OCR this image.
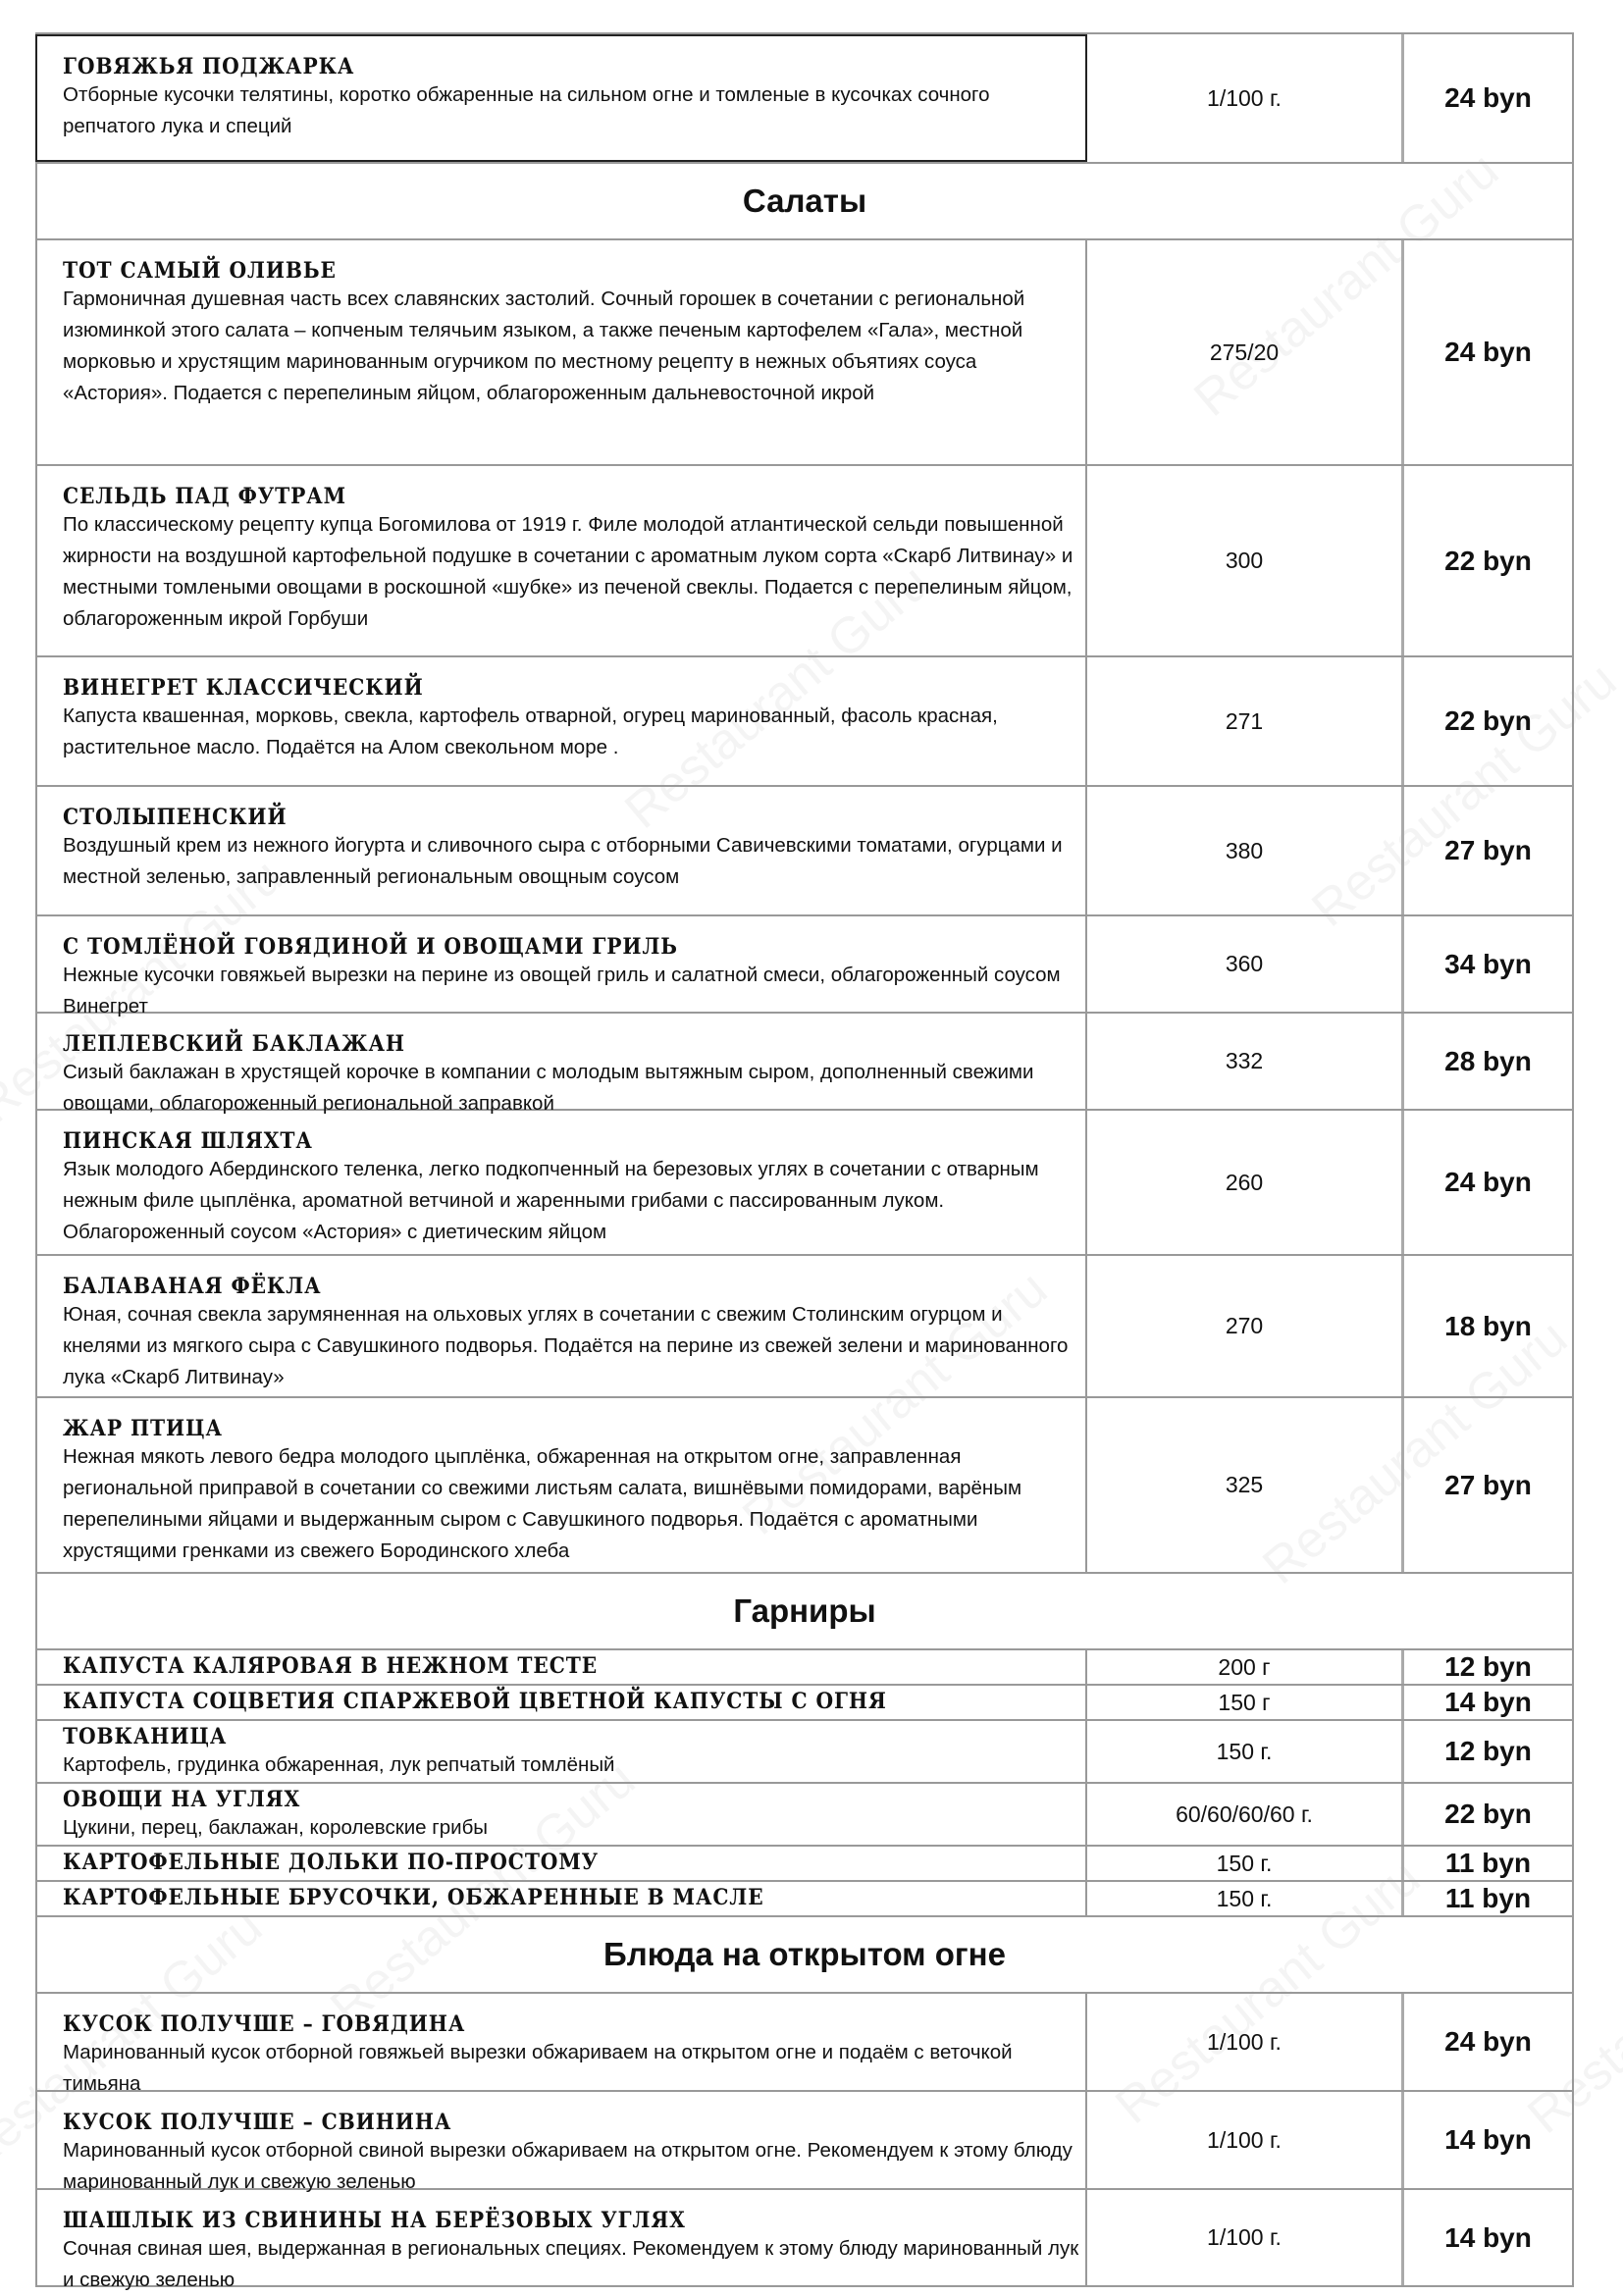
ГОВЯЖЬЯ ПОДЖАРКА
Отборные кусочки телятины, коротко обжаренные на сильном огне и томленые в кусочках сочного репчатого лука и специй
1/100 г.	24 byn
Салаты
ТОТ САМЫЙ ОЛИВЬЕ
Гармоничная душевная часть всех славянских застолий. Сочный горошек в сочетании с региональной изюминкой этого салата – копченым телячьим языком, а также печеным картофелем «Гала», местной морковью и хрустящим маринованным огурчиком по местному рецепту в нежных объятиях соуса «Астория». Подается с перепелиным яйцом, облагороженным дальневосточной икрой
275/20	24 byn
СЕЛЬДЬ ПАД ФУТРАМ
По классическому рецепту купца Богомилова от 1919 г. Филе молодой атлантической сельди повышенной жирности на воздушной картофельной подушке в сочетании с ароматным луком сорта «Скарб Литвинау» и местными томлеными овощами в роскошной «шубке» из печеной свеклы. Подается с перепелиным яйцом, облагороженным икрой Горбуши
300	22 byn
ВИНЕГРЕТ КЛАССИЧЕСКИЙ
Капуста квашенная, морковь, свекла, картофель отварной, огурец маринованный, фасоль красная, растительное масло. Подаётся на Алом свекольном море .
271	22 byn
СТОЛЫПЕНСКИЙ
Воздушный крем из нежного йогурта и сливочного сыра с отборными Савичевскими томатами, огурцами и местной зеленью, заправленный региональным овощным соусом
380	27 byn
С ТОМЛЁНОЙ ГОВЯДИНОЙ И ОВОЩАМИ ГРИЛЬ
Нежные кусочки говяжьей вырезки на перине из овощей гриль и салатной смеси, облагороженный соусом Винегрет
360	34 byn
ЛЕПЛЕВСКИЙ БАКЛАЖАН
Сизый баклажан в хрустящей корочке в компании с молодым вытяжным сыром, дополненный свежими овощами, облагороженный региональной заправкой
332	28 byn
ПИНСКАЯ ШЛЯХТА
Язык молодого Абердинского теленка, легко подкопченный на березовых углях в сочетании с отварным нежным филе цыплёнка, ароматной ветчиной и жаренными грибами с пассированным луком. Облагороженный соусом «Астория» с диетическим яйцом
260	24 byn
БАЛАВАНАЯ ФЁКЛА
Юная, сочная свекла зарумяненная на ольховых углях в сочетании с свежим Столинским огурцом и кнелями из мягкого сыра с Савушкиного подворья. Подаётся на перине из свежей зелени и маринованного лука «Скарб Литвинау»
270	18 byn
ЖАР ПТИЦА
Нежная мякоть левого бедра молодого цыплёнка, обжаренная на открытом огне, заправленная региональной приправой в сочетании со свежими листьям салата, вишнёвыми помидорами, варёным перепелиными яйцами и выдержанным сыром с Савушкиного подворья. Подаётся с ароматными хрустящими гренками из свежего Бородинского хлеба
325	27 byn
Гарниры
КАПУСТА КАЛЯРОВАЯ В НЕЖНОМ ТЕСТЕ	200 г	12 byn
КАПУСТА СОЦВЕТИЯ СПАРЖЕВОЙ ЦВЕТНОЙ КАПУСТЫ С ОГНЯ	150 г	14 byn
ТОВКАНИЦА
Картофель, грудинка обжаренная, лук репчатый томлёный
150 г.	12 byn
ОВОЩИ НА УГЛЯХ
Цукини, перец, баклажан, королевские грибы
60/60/60/60 г.	22 byn
КАРТОФЕЛЬНЫЕ ДОЛЬКИ ПО-ПРОСТОМУ	150 г.	11 byn
КАРТОФЕЛЬНЫЕ БРУСОЧКИ, ОБЖАРЕННЫЕ В МАСЛЕ	150 г.	11 byn
Блюда на открытом огне
КУСОК ПОЛУЧШЕ – ГОВЯДИНА
Маринованный кусок отборной говяжьей вырезки обжариваем на открытом огне и подаём с веточкой тимьяна
1/100 г.	24 byn
КУСОК ПОЛУЧШЕ – СВИНИНА
Маринованный кусок отборной свиной вырезки обжариваем на открытом огне. Рекомендуем к этому блюду маринованный лук и свежую зеленью
1/100 г.	14 byn
ШАШЛЫК ИЗ СВИНИНЫ НА БЕРЁЗОВЫХ УГЛЯХ
Сочная свиная шея, выдержанная в региональных специях. Рекомендуем к этому блюду маринованный лук и свежую зеленью
1/100 г.	14 byn
